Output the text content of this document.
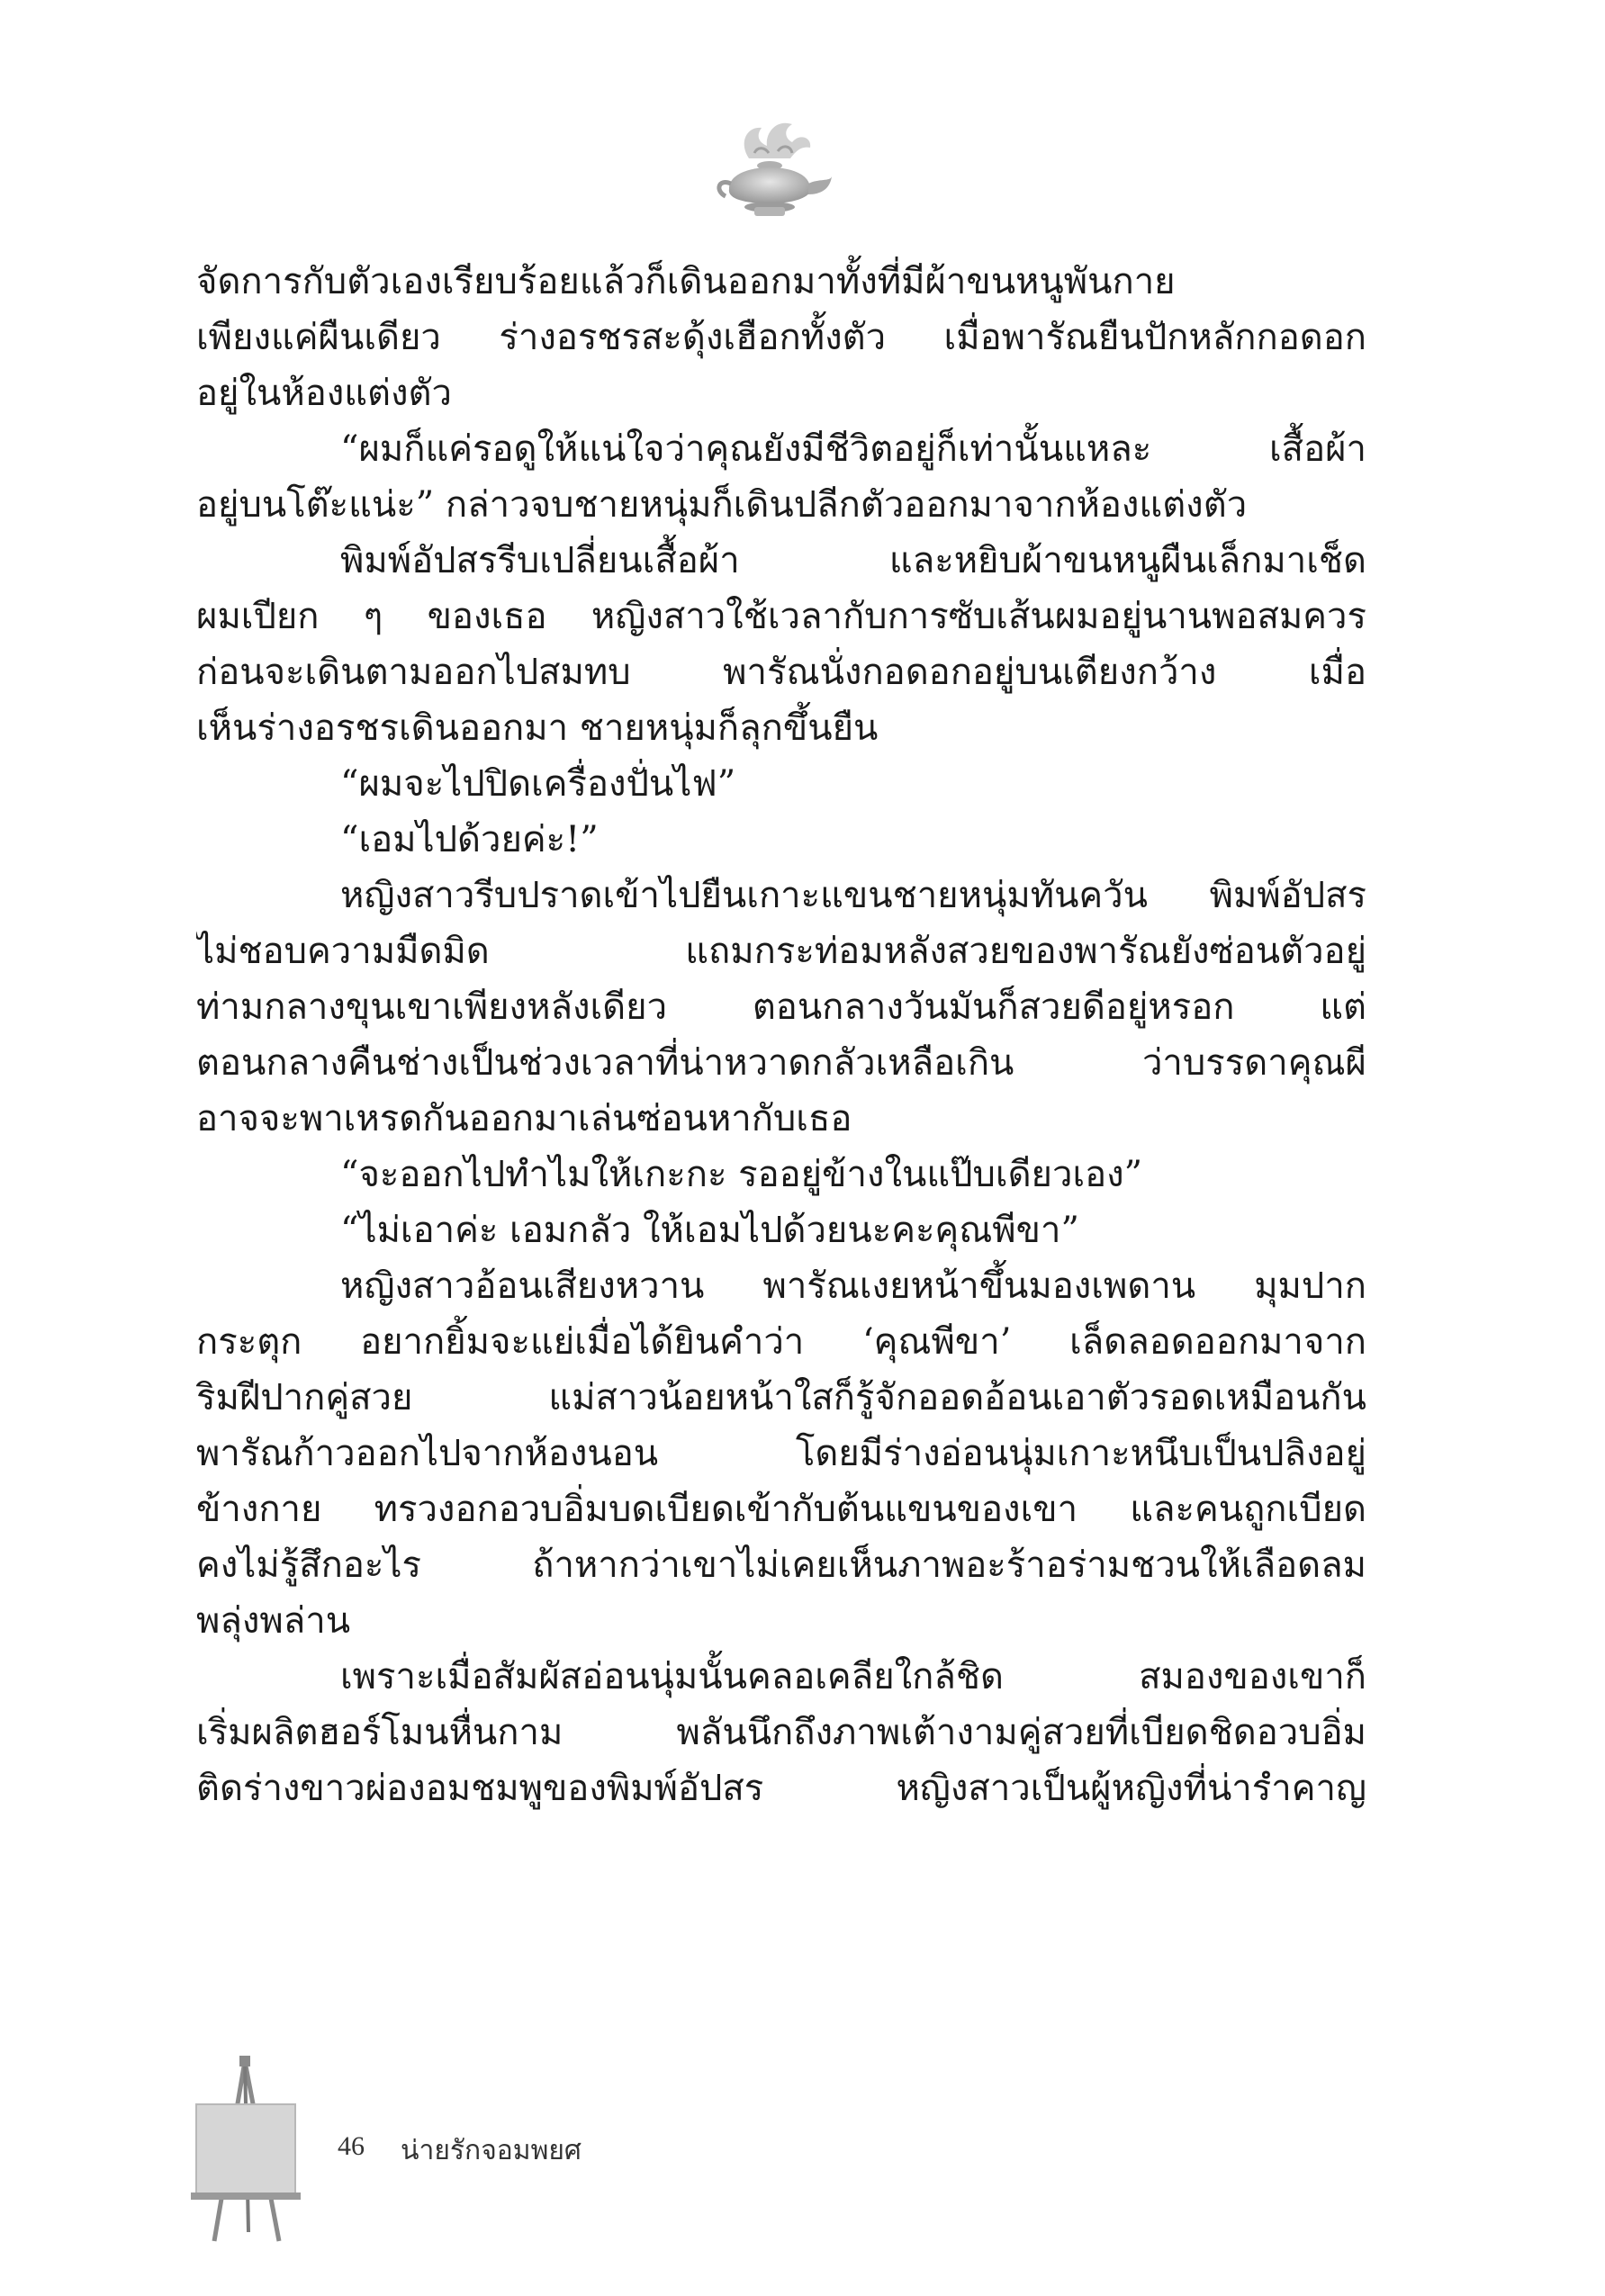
จัดการกับตัวเองเรียบร้อยแล้วก็เดินออกมาทั้งที่มีผ้าขนหนูพันกาย
เพียงแค่ผืนเดียว ร่างอรชรสะดุ้งเฮือกทั้งตัว เมื่อพารัณยืนปักหลักกอดอก
อยู่ในห้องแต่งตัว
“ผมก็แค่รอดูให้แน่ใจว่าคุณยังมีชีวิตอยู่ก็เท่านั้นแหละ เสื้อผ้า
อยู่บนโต๊ะแน่ะ” กล่าวจบชายหนุ่มก็เดินปลีกตัวออกมาจากห้องแต่งตัว
พิมพ์อัปสรรีบเปลี่ยนเสื้อผ้า และหยิบผ้าขนหนูผืนเล็กมาเช็ด
ผมเปียก ๆ ของเธอ หญิงสาวใช้เวลากับการซับเส้นผมอยู่นานพอสมควร
ก่อนจะเดินตามออกไปสมทบ พารัณนั่งกอดอกอยู่บนเตียงกว้าง เมื่อ
เห็นร่างอรชรเดินออกมา ชายหนุ่มก็ลุกขึ้นยืน
“ผมจะไปปิดเครื่องปั่นไฟ”
“เอมไปด้วยค่ะ!”
หญิงสาวรีบปราดเข้าไปยืนเกาะแขนชายหนุ่มทันควัน พิมพ์อัปสร
ไม่ชอบความมืดมิด แถมกระท่อมหลังสวยของพารัณยังซ่อนตัวอยู่
ท่ามกลางขุนเขาเพียงหลังเดียว ตอนกลางวันมันก็สวยดีอยู่หรอก แต่
ตอนกลางคืนช่างเป็นช่วงเวลาที่น่าหวาดกลัวเหลือเกิน ว่าบรรดาคุณผี
อาจจะพาเหรดกันออกมาเล่นซ่อนหากับเธอ
“จะออกไปทำไมให้เกะกะ รออยู่ข้างในแป๊บเดียวเอง”
“ไม่เอาค่ะ เอมกลัว ให้เอมไปด้วยนะคะคุณพีขา”
หญิงสาวอ้อนเสียงหวาน พารัณเงยหน้าขึ้นมองเพดาน มุมปาก
กระตุก อยากยิ้มจะแย่เมื่อได้ยินคำว่า ‘คุณพีขา’ เล็ดลอดออกมาจาก
ริมฝีปากคู่สวย แม่สาวน้อยหน้าใสก็รู้จักออดอ้อนเอาตัวรอดเหมือนกัน
พารัณก้าวออกไปจากห้องนอน โดยมีร่างอ่อนนุ่มเกาะหนึบเป็นปลิงอยู่
ข้างกาย ทรวงอกอวบอิ่มบดเบียดเข้ากับต้นแขนของเขา และคนถูกเบียด
คงไม่รู้สึกอะไร ถ้าหากว่าเขาไม่เคยเห็นภาพอะร้าอร่ามชวนให้เลือดลม
พลุ่งพล่าน
เพราะเมื่อสัมผัสอ่อนนุ่มนั้นคลอเคลียใกล้ชิด สมองของเขาก็
เริ่มผลิตฮอร์โมนหื่นกาม พลันนึกถึงภาพเต้างามคู่สวยที่เบียดชิดอวบอิ่ม
ติดร่างขาวผ่องอมชมพูของพิมพ์อัปสร หญิงสาวเป็นผู้หญิงที่น่ารำคาญ
46 น่ายรักจอมพยศ
